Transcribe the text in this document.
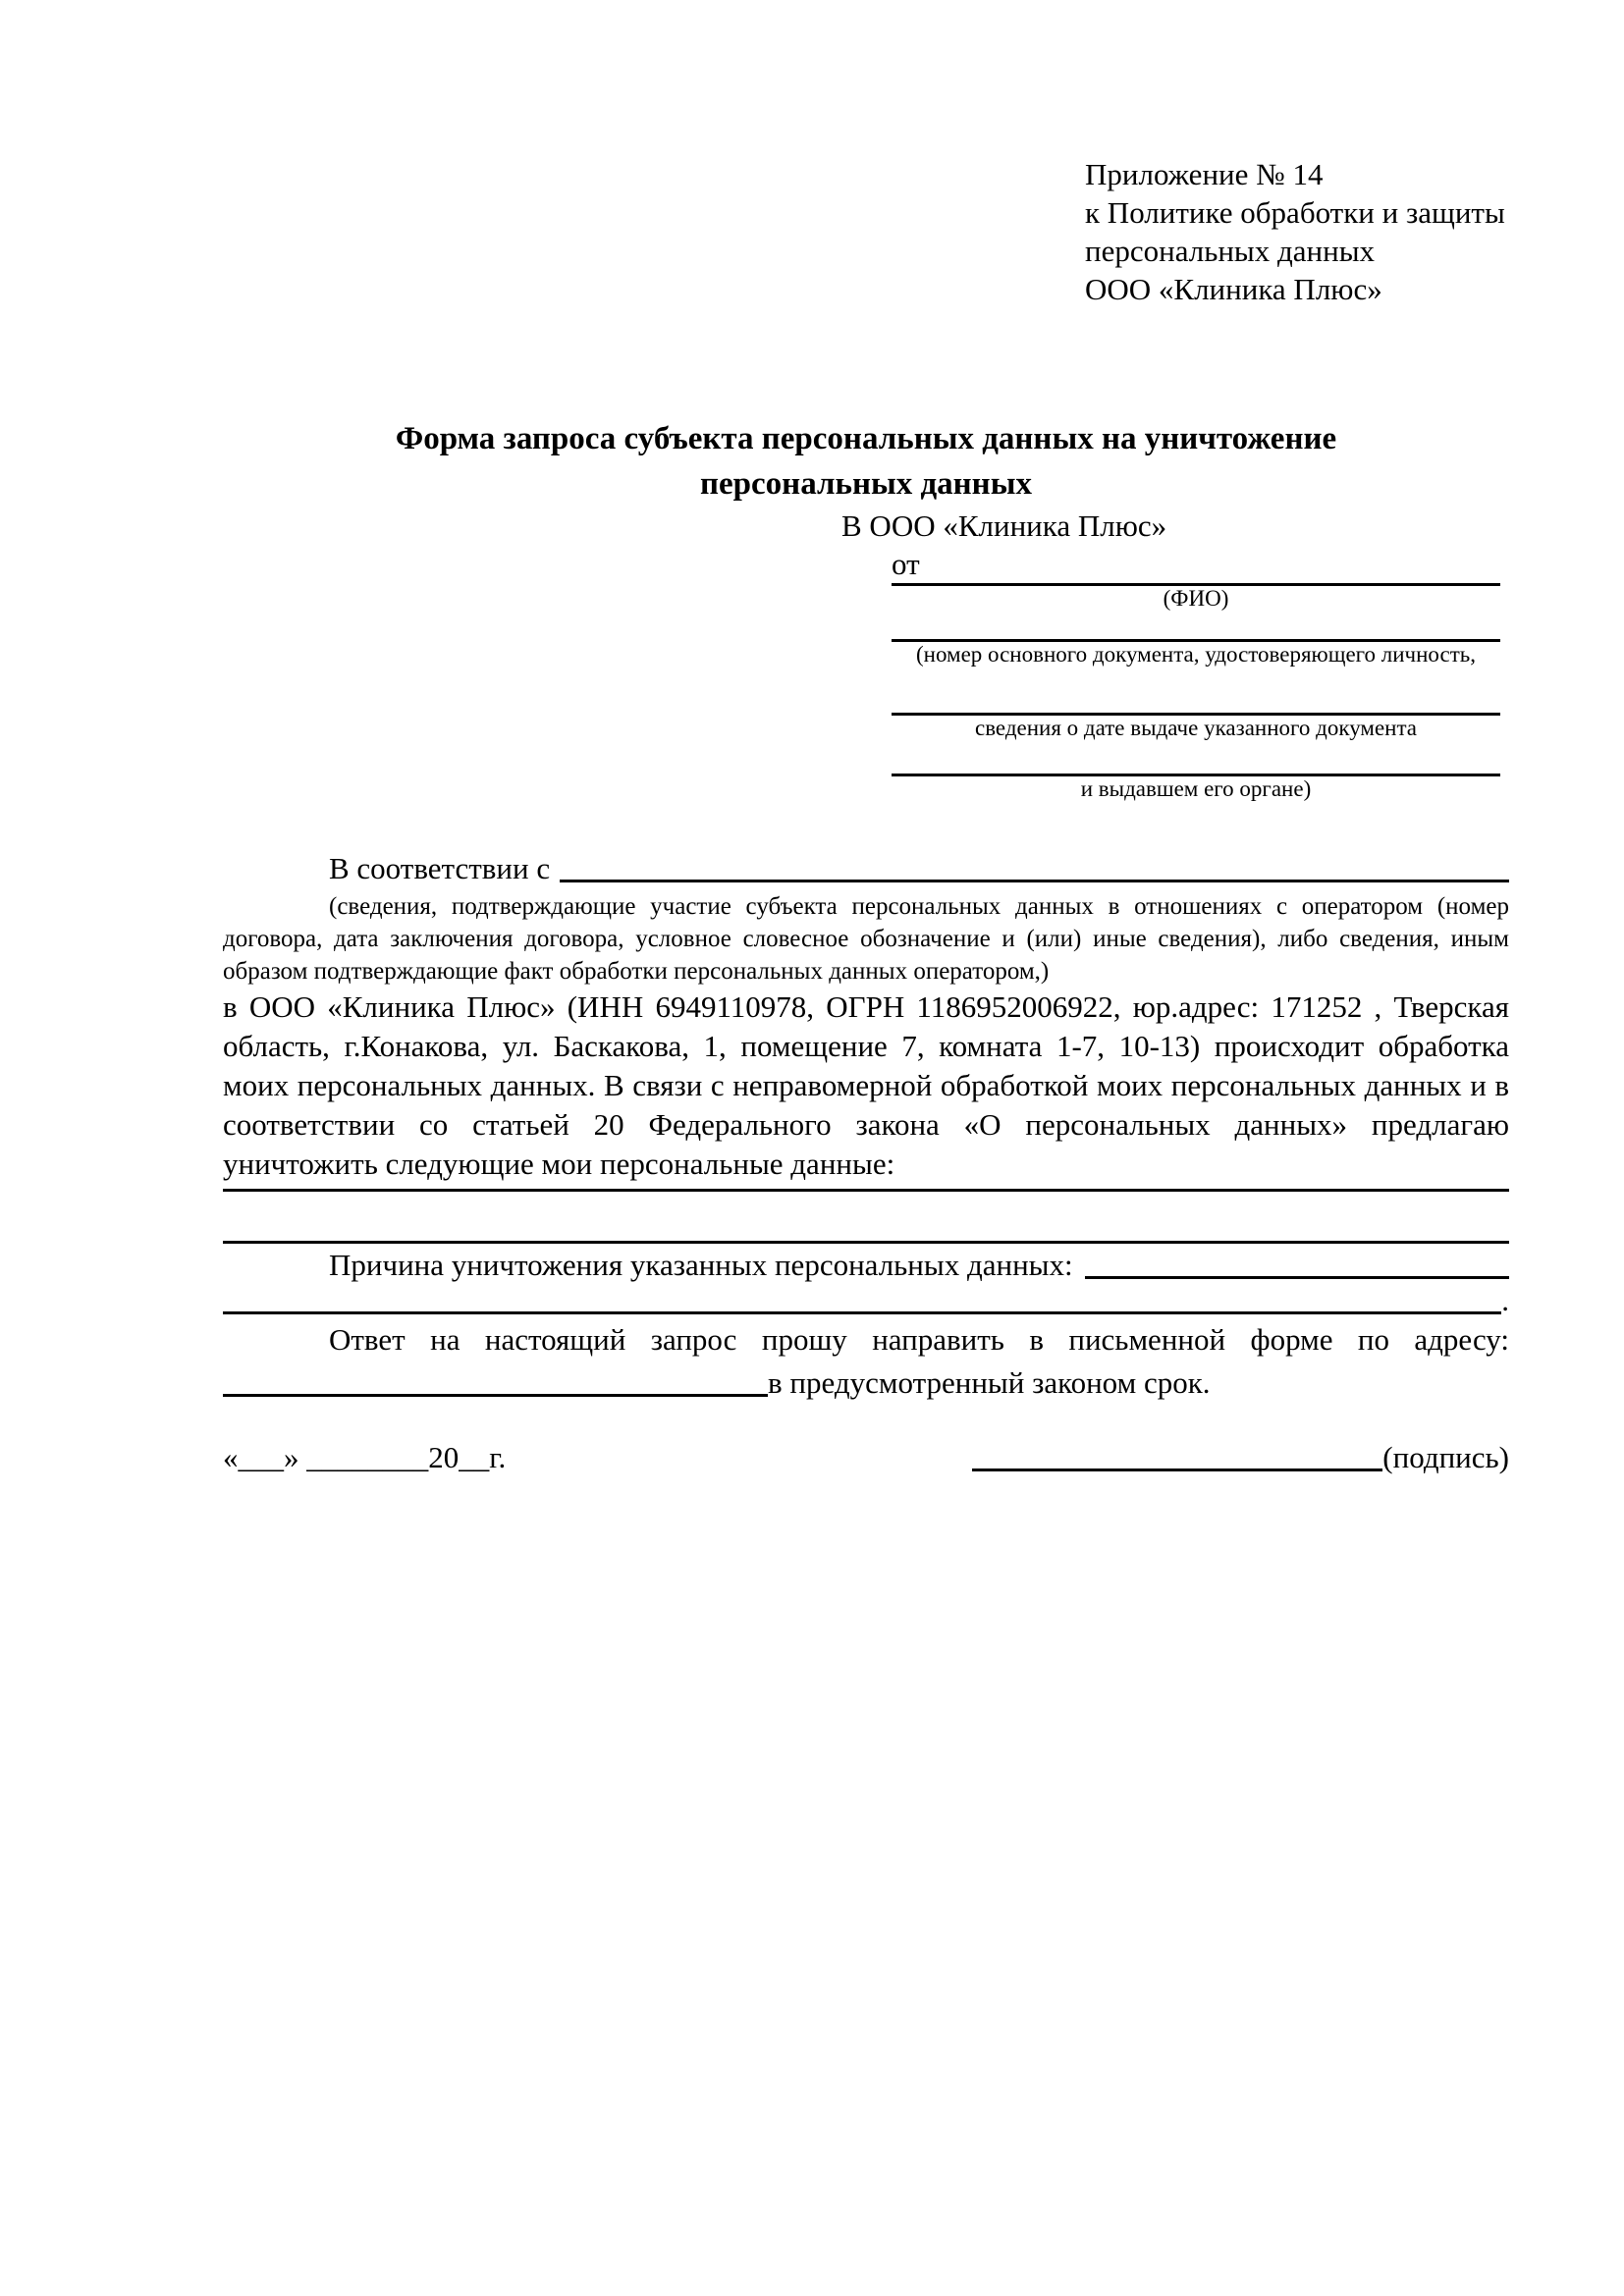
Приложение № 14
к Политике обработки и защиты
персональных данных
ООО «Клиника Плюс»
Форма запроса субъекта персональных данных на уничтожение
персональных данных
В ООО «Клиника Плюс»
от
(ФИО)
(номер основного документа, удостоверяющего личность,
сведения о дате выдаче указанного документа
и выдавшем его органе)
В соответствии с
(сведения, подтверждающие участие субъекта персональных данных в отношениях с оператором (номер договора, дата заключения договора, условное словесное обозначение и (или) иные сведения), либо сведения, иным образом подтверждающие факт обработки персональных данных оператором,)
в ООО «Клиника Плюс» (ИНН 6949110978, ОГРН 1186952006922, юр.адрес: 171252 , Тверская область, г.Конакова, ул. Баскакова, 1, помещение 7, комната 1-7, 10-13) происходит обработка моих персональных данных. В связи с неправомерной обработкой моих персональных данных и в соответствии со статьей 20 Федерального закона «О персональных данных» предлагаю уничтожить следующие мои персональные данные:
Причина уничтожения указанных персональных данных:
.
Ответ на настоящий запрос прошу направить в письменной форме по адресу:
в предусмотренный законом срок.
«___» ________20__г.	(подпись)
